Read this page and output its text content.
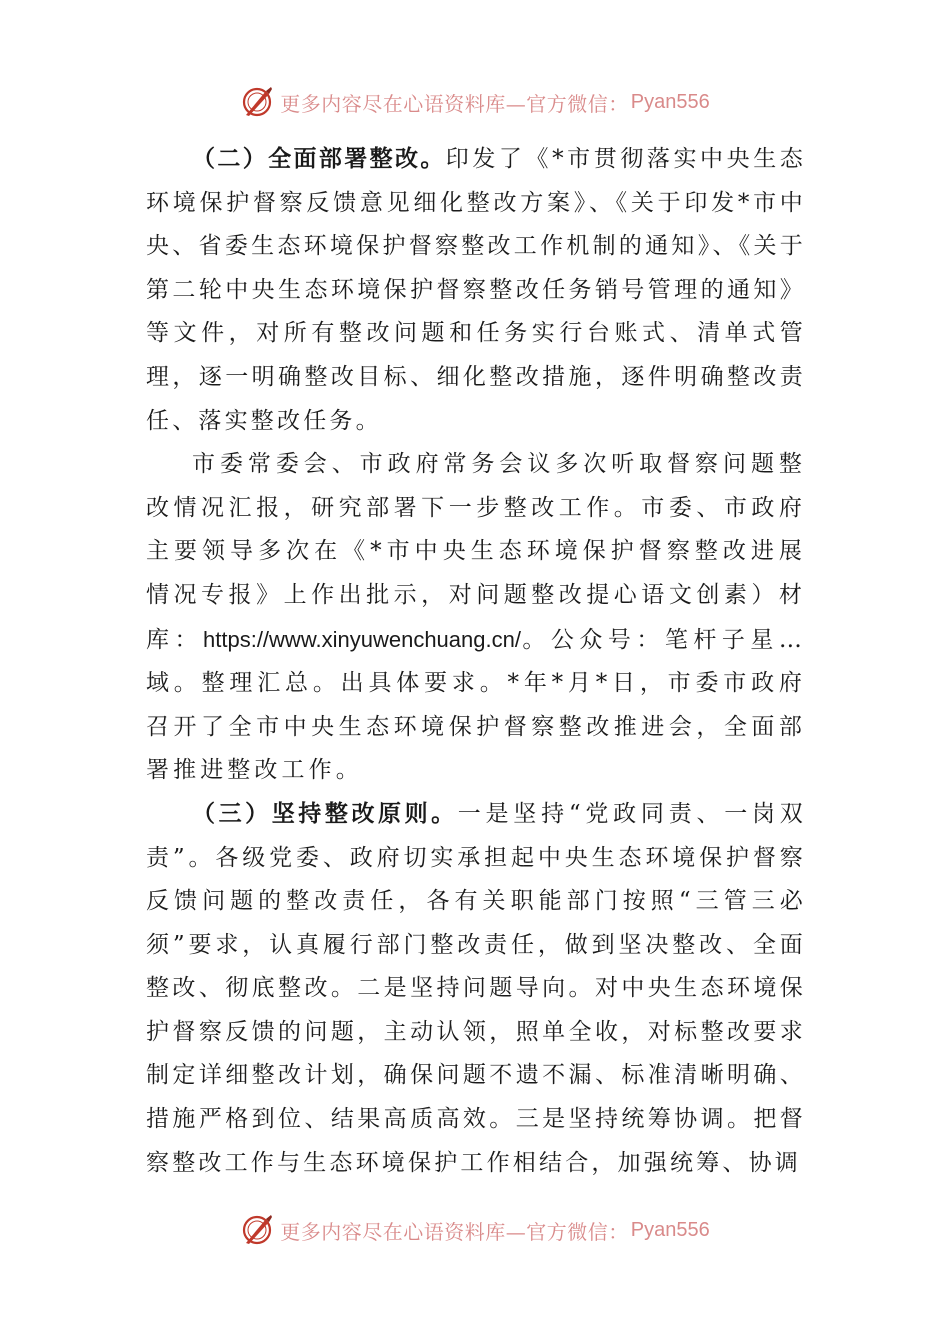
更多内容尽在心语资料库—官方微信： Pyan556

（二）全面部署整改。印发了《*市贯彻落实中央生态环境保护督察反馈意见细化整改方案》、《关于印发*市中央、省委生态环境保护督察整改工作机制的通知》、《关于第二轮中央生态环境保护督察整改任务销号管理的通知》等文件，对所有整改问题和任务实行台账式、清单式管理，逐一明确整改目标、细化整改措施，逐件明确整改责任、落实整改任务。

市委常委会、市政府常务会议多次听取督察问题整改情况汇报，研究部署下一步整改工作。市委、市政府主要领导多次在《*市中央生态环境保护督察整改进展情况专报》上作出批示，对问题整改提心语文创素）材库：https://www.xinyuwenchuang.cn/。公众号：笔杆子星…域。整理汇总。出具体要求。*年*月*日，市委市政府召开了全市中央生态环境保护督察整改推进会，全面部署推进整改工作。

（三）坚持整改原则。一是坚持“党政同责、一岗双责”。各级党委、政府切实承担起中央生态环境保护督察反馈问题的整改责任，各有关职能部门按照“三管三必须”要求，认真履行部门整改责任，做到坚决整改、全面整改、彻底整改。二是坚持问题导向。对中央生态环境保护督察反馈的问题，主动认领，照单全收，对标整改要求制定详细整改计划，确保问题不遗不漏、标准清晰明确、措施严格到位、结果高质高效。三是坚持统筹协调。把督察整改工作与生态环境保护工作相结合，加强统筹、协调

更多内容尽在心语资料库—官方微信： Pyan556
